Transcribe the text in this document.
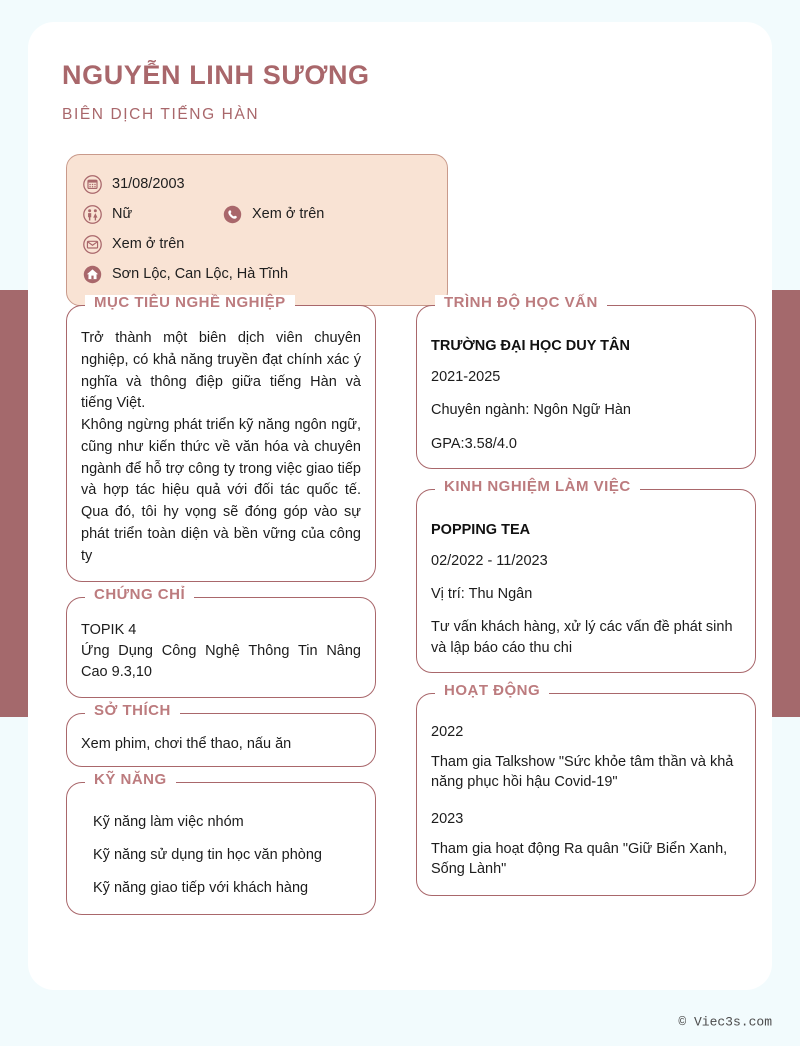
NGUYỄN LINH SƯƠNG
BIÊN DỊCH TIẾNG HÀN
31/08/2003
Nữ	Xem ở trên
Xem ở trên
Sơn Lộc, Can Lộc, Hà Tĩnh
MỤC TIÊU NGHỀ NGHIỆP
Trở thành một biên dịch viên chuyên nghiệp, có khả năng truyền đạt chính xác ý nghĩa và thông điệp giữa tiếng Hàn và tiếng Việt.
Không ngừng phát triển kỹ năng ngôn ngữ, cũng như kiến thức về văn hóa và chuyên ngành để hỗ trợ công ty trong việc giao tiếp và hợp tác hiệu quả với đối tác quốc tế. Qua đó, tôi hy vọng sẽ đóng góp vào sự phát triển toàn diện và bền vững của công ty
CHỨNG CHỈ
TOPIK 4
Ứng Dụng Công Nghệ Thông Tin Nâng Cao 9.3,10
SỞ THÍCH
Xem phim, chơi thể thao, nấu ăn
KỸ NĂNG
Kỹ năng làm việc nhóm
Kỹ năng sử dụng tin học văn phòng
Kỹ năng giao tiếp với khách hàng
TRÌNH ĐỘ HỌC VẤN
TRƯỜNG ĐẠI HỌC DUY TÂN
2021-2025
Chuyên ngành: Ngôn Ngữ Hàn
GPA:3.58/4.0
KINH NGHIỆM LÀM VIỆC
POPPING TEA
02/2022 - 11/2023
Vị trí: Thu Ngân
Tư vấn khách hàng, xử lý các vấn đề phát sinh và lập báo cáo thu chi
HOẠT ĐỘNG
2022
Tham gia Talkshow "Sức khỏe tâm thần và khả năng phục hồi hậu Covid-19"
2023
Tham gia hoạt động Ra quân "Giữ Biển Xanh, Sống Lành"
© Viec3s.com
